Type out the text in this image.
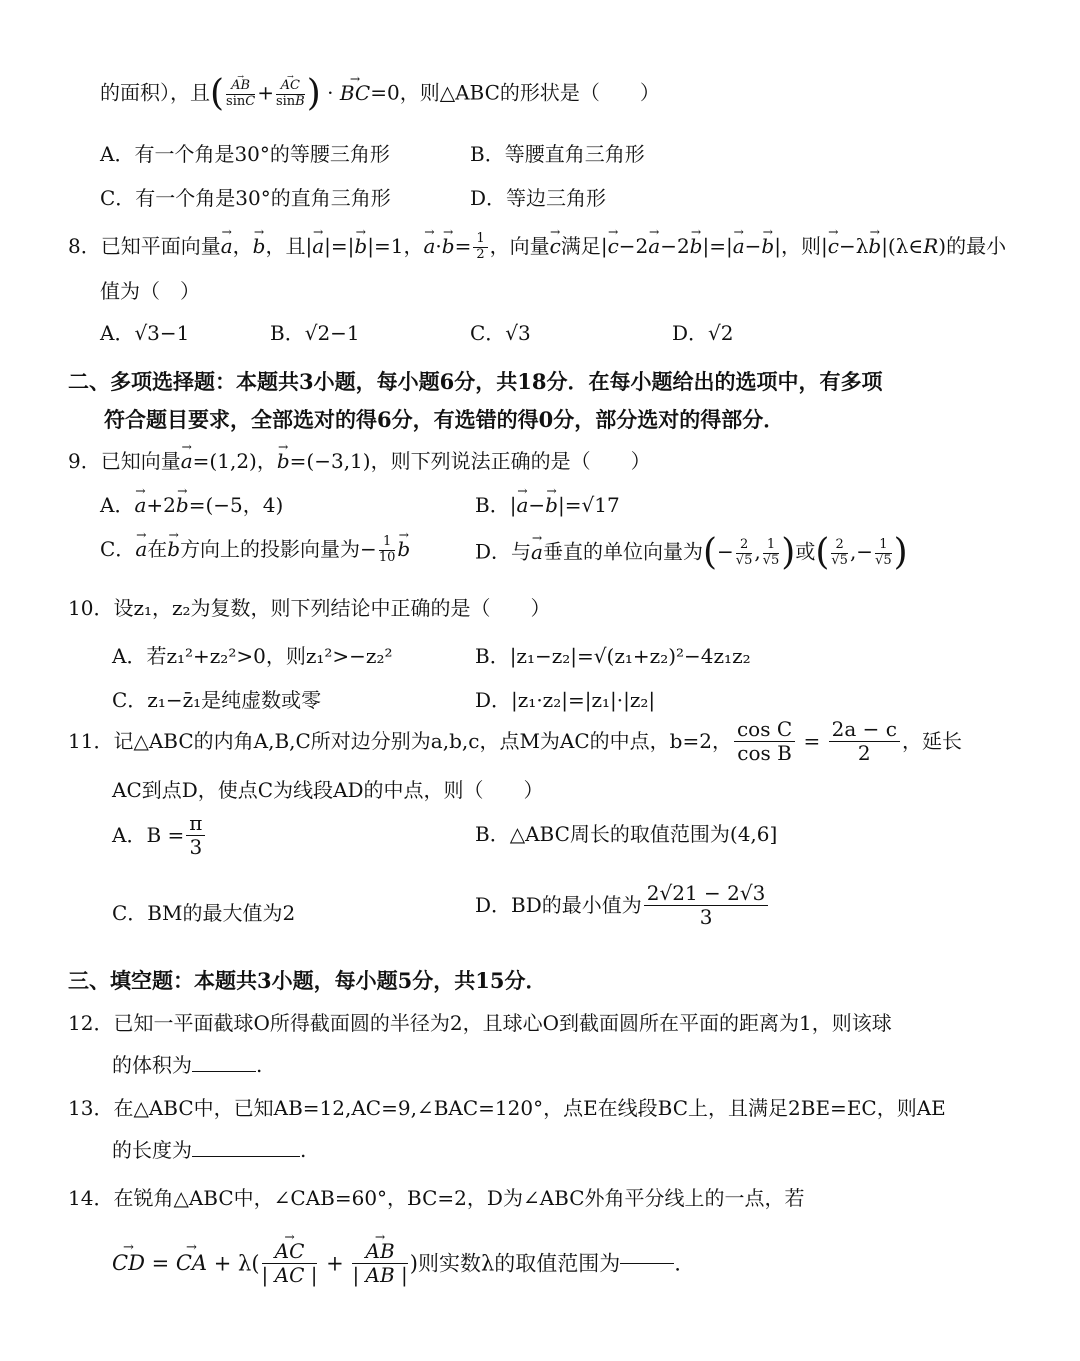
的面积），且( → $\frac{AB}{\sin C}$ + → $\frac{AC}{\sin B}$ ) · → BC=0，则△ABC的形状是（　　）
A．有一个角是30°的等腰三角形	B．等腰直角三角形
C．有一个角是30°的直角三角形	D．等边三角形
8．已知平面向量→ a，→ b，且|→ a|=|→ b|=1，→ $a\cdot\to b= \frac{1}{2}$ ，向量→ c满足|→ c−2→ a−2→ b|=|→ a−→ b|，则|→ c−λ→ b|(λ∈R)的最小
值为（　）
A．√3−1	B．√2−1	C．√3	D．√2
二、多项选择题：本题共3小题，每小题6分，共18分．在每小题给出的选项中，有多项
符合题目要求，全部选对的得6分，有选错的得0分，部分选对的得部分．
9．已知向量→ a=(1,2)，→ b=(−3,1)，则下列说法正确的是（　　）
A．→ a+2→ b=(−5，4)	B．|→ a−→ b|=√17
C．→ a在→ b方向上的投影向量为− $\frac{1}{10} \to b$	D．与→ a垂直的单位向量为(− $\frac{2}{√5}$ , $\frac{1}{√5}$ )或( $\frac{2}{√5}$ ,− $\frac{1}{√5}$ )
10．设z₁，z₂为复数，则下列结论中正确的是（　　）
A．若z₁²+z₂²>0，则z₁²>−z₂²	B．|z₁−z₂|=√(z₁+z₂)²−4z₁z₂
C．z₁−z̄₁是纯虚数或零	D．|z₁·z₂|=|z₁|·|z₂|
11．记△ABC的内角A,B,C所对边分别为a,b,c，点M为AC的中点，b=2， $\frac{\text{cos C}}{\text{cos B}} = \frac{2a - c}{2}$ ，延长
AC到点D，使点C为线段AD的中点，则（　　）
A．$B = \frac{\pi}{3}$	B．△ABC周长的取值范围为(4,6]
C．BM的最大值为2	D．BD的最小值为 $\frac{2√21 - 2√3}{3}$
三、填空题：本题共3小题，每小题5分，共15分．
12．已知一平面截球O所得截面圆的半径为2，且球心O到截面圆所在平面的距离为1，则该球
的体积为	.
13．在△ABC中，已知AB=12,AC=9,∠BAC=120°，点E在线段BC上，且满足2BE=EC，则AE
的长度为	.
14．在锐角△ABC中，∠CAB=60°，BC=2，D为∠ABC外角平分线上的一点，若
→ CD = → CA + $\lambda( \to \frac{AC}{| AC |}$ + → $\frac{AB}{| AB |}$ )则实数λ的取值范围为	.
